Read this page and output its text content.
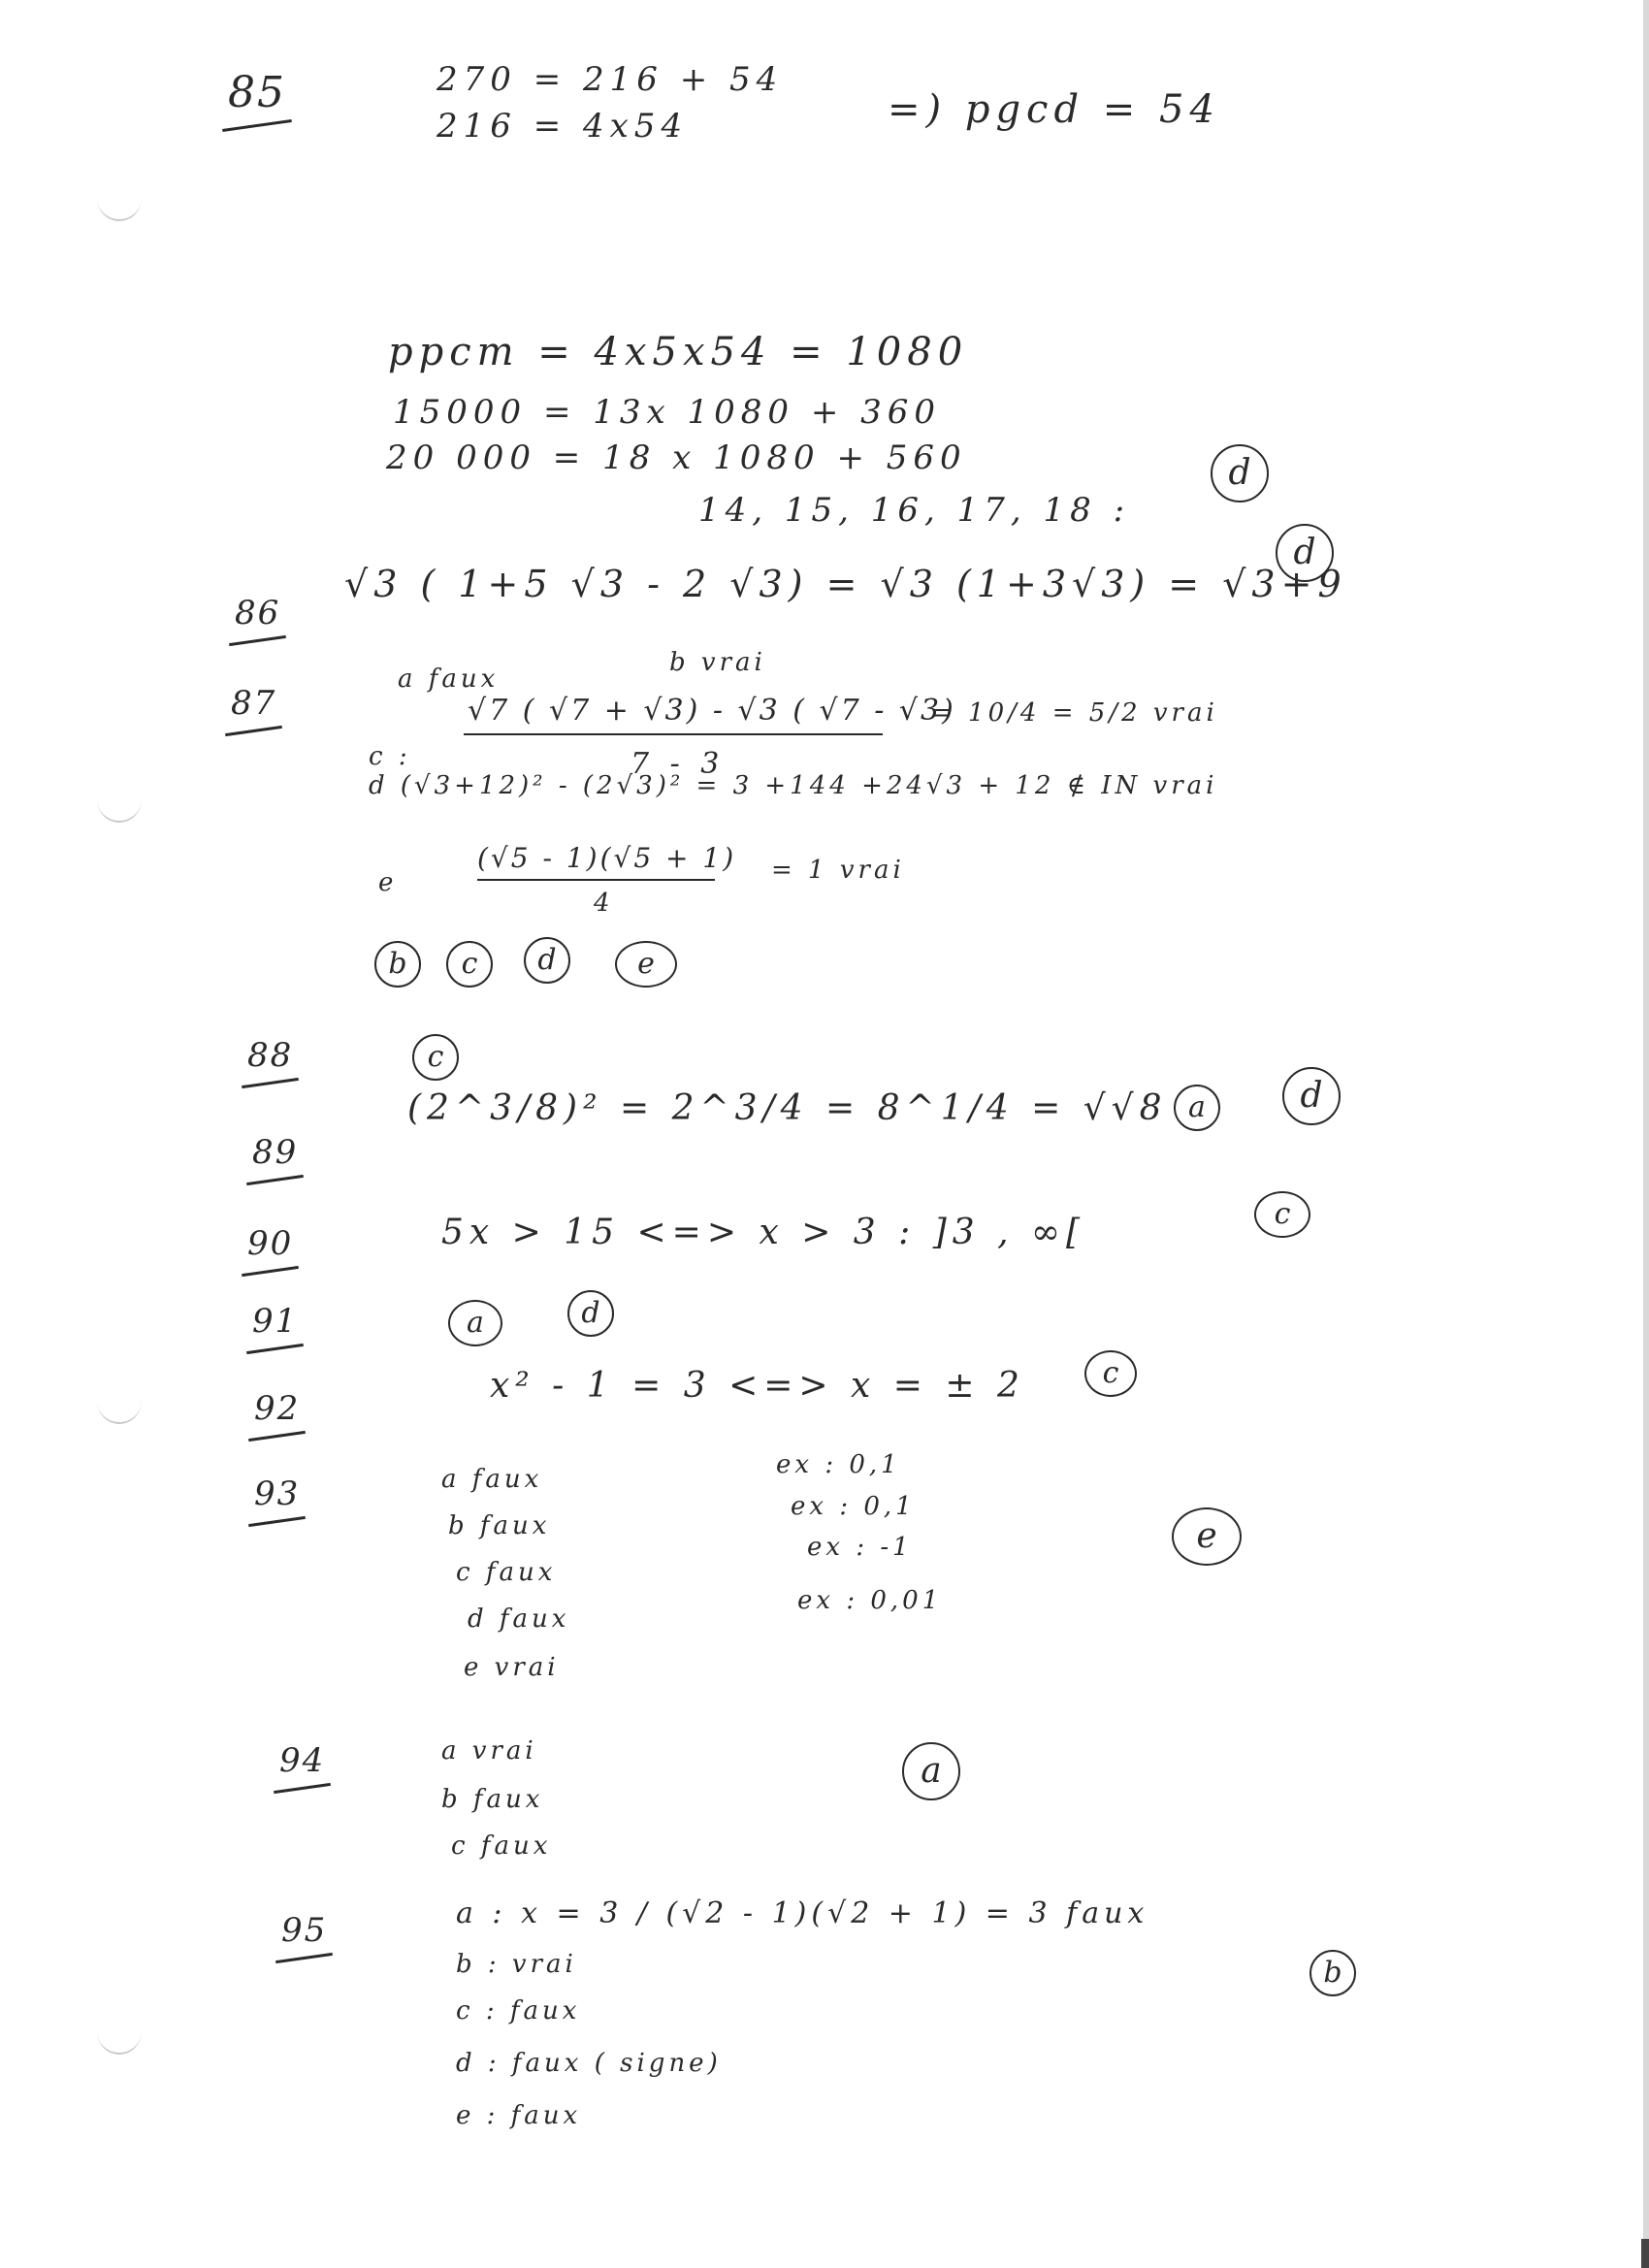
85
86
87
88
89
90
91
92
93
94
95
270 = 216 + 54
216 = 4x54	=) pgcd = 54
ppcm = 4x5x54 = 1080
15000 = 13x 1080 + 360
20 000 = 18 x 1080 + 560
14, 15, 16, 17, 18 :
d
√3 ( 1+5 √3 - 2 √3) = √3 (1+3√3) = √3+9
d
a faux
b vrai
c :
√7 ( √7 + √3) - √3 ( √7 - √3)
7 - 3
= 10/4 = 5/2 vrai
d (√3+12)² - (2√3)² = 3 +144 +24√3 + 12 ∉ IN vrai
e
(√5 - 1)(√5 + 1)
4
= 1 vrai
b	c	d	e
c
(2^3/8)² = 2^3/4 = 8^1/4 = √√8 a	d
5x > 15 <=> x > 3 : ]3 , ∞[	c
a	d
x² - 1 = 3 <=> x = ± 2	c
a faux
b faux
c faux
d faux
e vrai
ex : 0,1
ex : 0,1
ex : -1
ex : 0,01
e
a vrai
b faux
c faux
a
a : x = 3 / (√2 - 1)(√2 + 1) = 3 faux
b : vrai
c : faux
d : faux ( signe)
e : faux
b
